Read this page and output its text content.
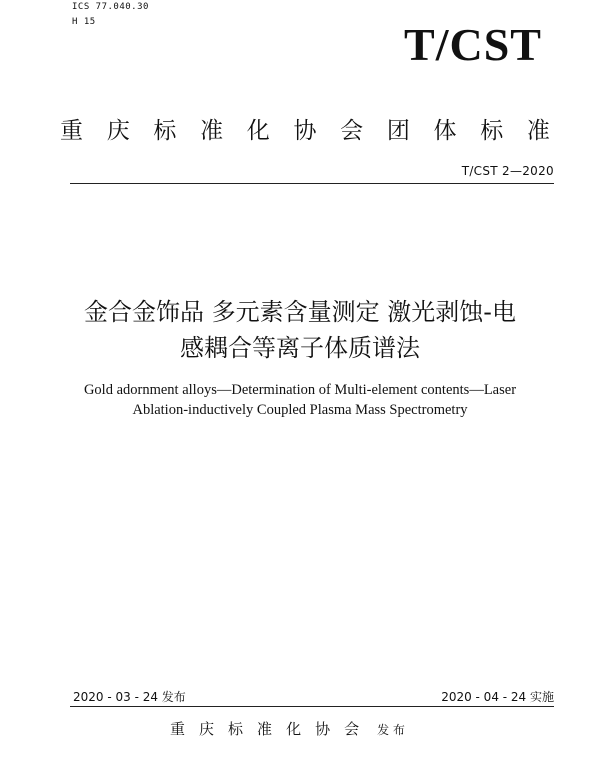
ICS 77.040.30
H 15	T/CST
重 庆 标 准 化 协 会 团 体 标 准
T/CST 2—2020
金合金饰品 多元素含量测定 激光剥蚀-电
感耦合等离子体质谱法
Gold adornment alloys—Determination of Multi-element contents—Laser
Ablation-inductively Coupled Plasma Mass Spectrometry
2020 - 03 - 24 发布	2020 - 04 - 24 实施
重 庆 标 准 化 协 会 发 布
